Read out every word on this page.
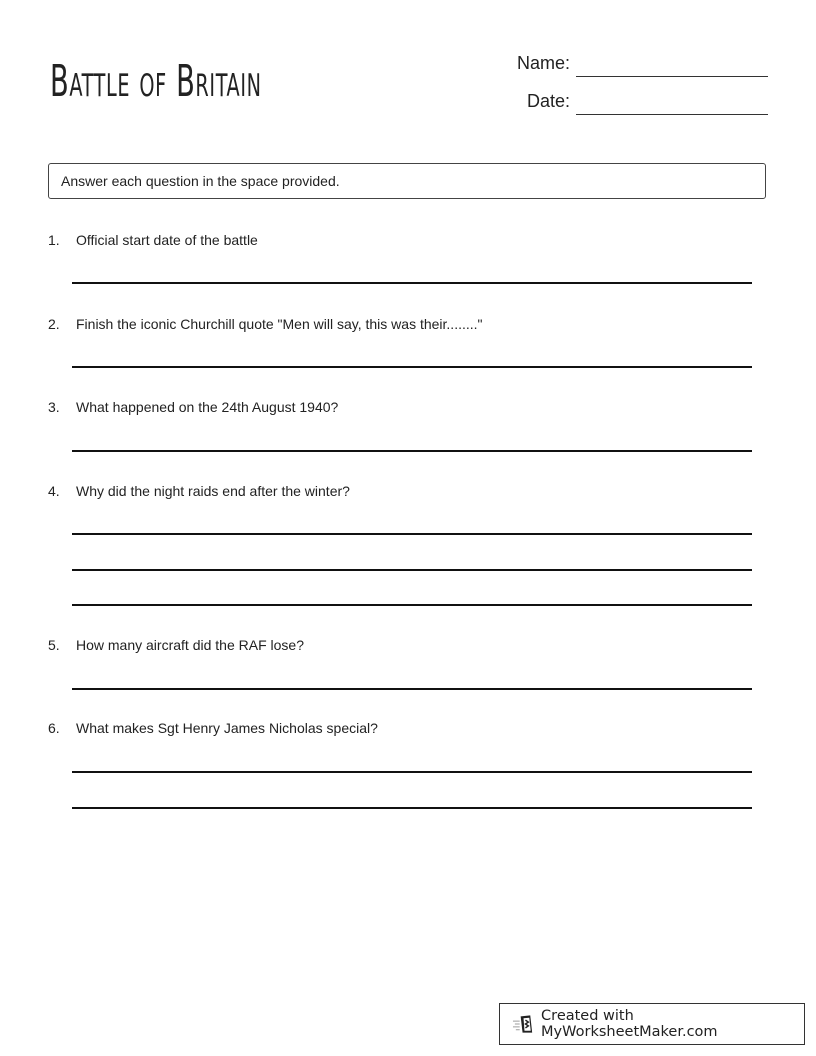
Battle of Britain	Name:
Date:
Answer each question in the space provided.
1. Official start date of the battle
2. Finish the iconic Churchill quote "Men will say, this was their........"
3. What happened on the 24th August 1940?
4. Why did the night raids end after the winter?
5. How many aircraft did the RAF lose?
6. What makes Sgt Henry James Nicholas special?
Created with MyWorksheetMaker.com
